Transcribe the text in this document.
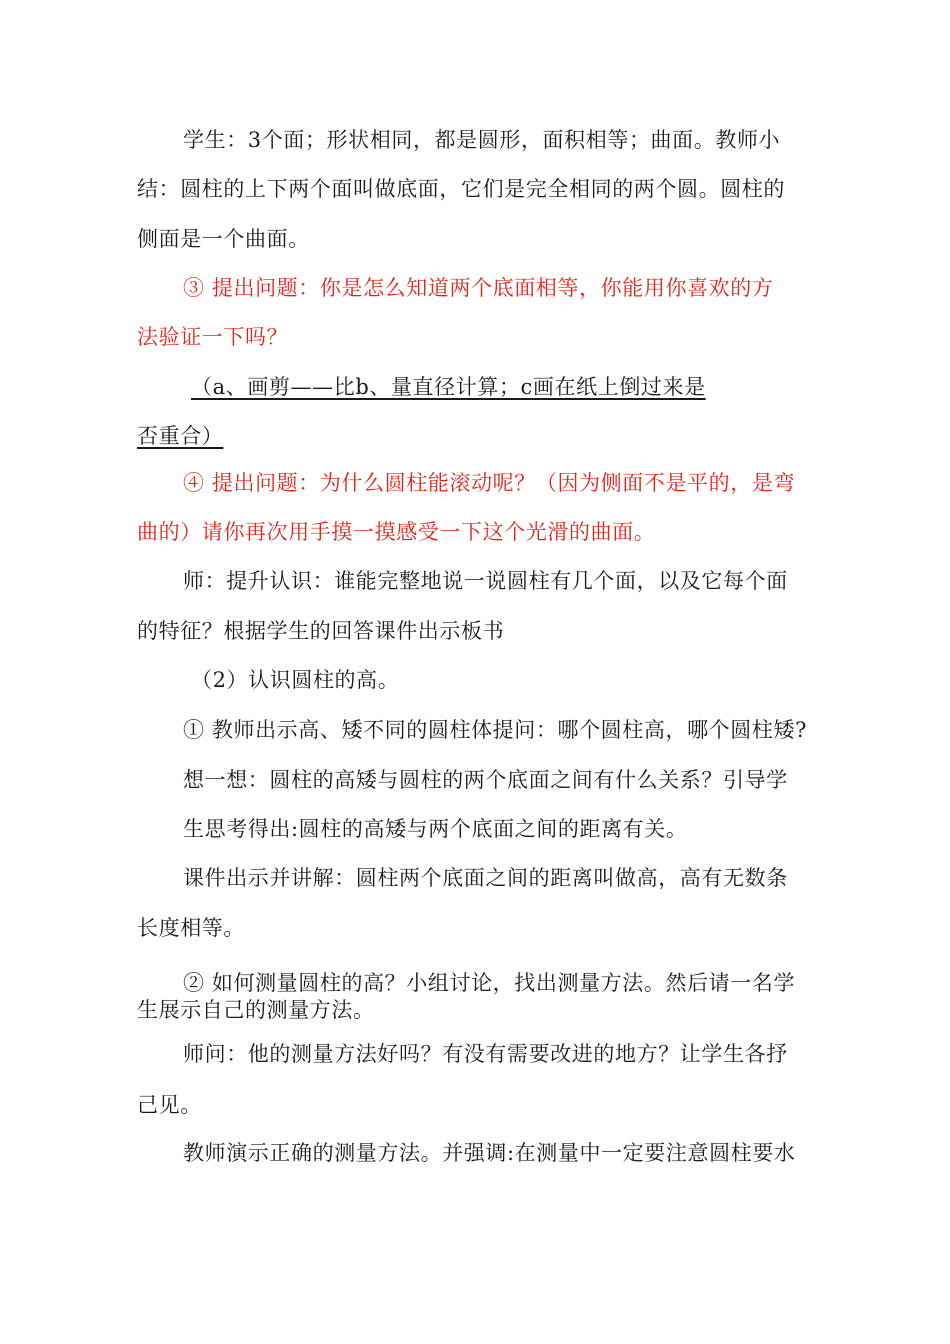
学生：3个面；形状相同，都是圆形，面积相等；曲面。教师小
结：圆柱的上下两个面叫做底面，它们是完全相同的两个圆。圆柱的
侧面是一个曲面。
③ 提出问题：你是怎么知道两个底面相等，你能用你喜欢的方
法验证一下吗？
（a、画剪——比b、量直径计算；c画在纸上倒过来是
否重合）
④ 提出问题：为什么圆柱能滚动呢？（因为侧面不是平的，是弯
曲的）请你再次用手摸一摸感受一下这个光滑的曲面。
师：提升认识：谁能完整地说一说圆柱有几个面，以及它每个面
的特征？根据学生的回答课件出示板书
（2）认识圆柱的高。
① 教师出示高、矮不同的圆柱体提问：哪个圆柱高，哪个圆柱矮?
想一想：圆柱的高矮与圆柱的两个底面之间有什么关系？引导学
生思考得出:圆柱的高矮与两个底面之间的距离有关。
课件出示并讲解：圆柱两个底面之间的距离叫做高，高有无数条
长度相等。
② 如何测量圆柱的高？小组讨论，找出测量方法。然后请一名学
生展示自己的测量方法。
师问：他的测量方法好吗？有没有需要改进的地方？让学生各抒
己见。
教师演示正确的测量方法。并强调:在测量中一定要注意圆柱要水
